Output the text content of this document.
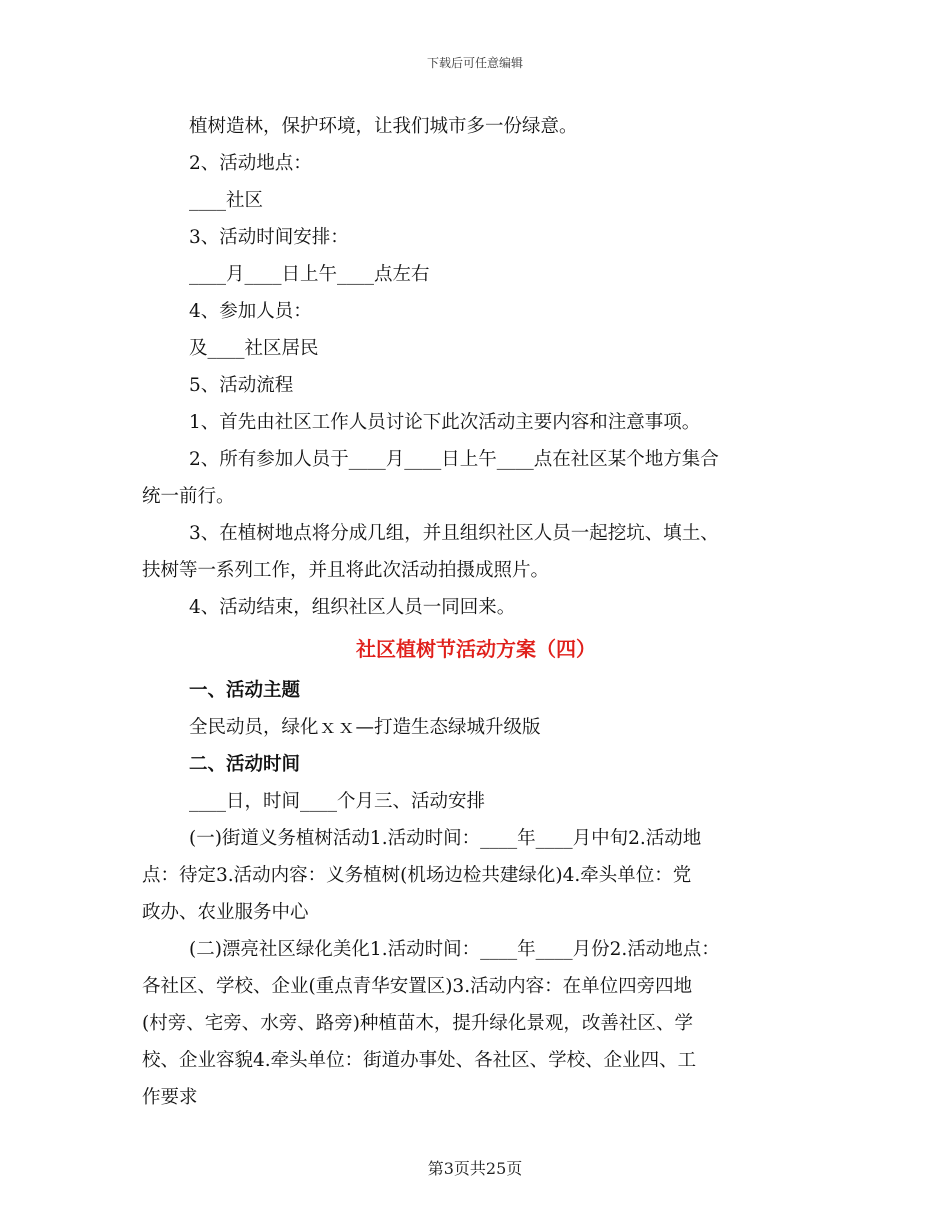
下载后可任意编辑
植树造林，保护环境，让我们城市多一份绿意。
2、活动地点：
____社区
3、活动时间安排：
____月____日上午____点左右
4、参加人员：
及____社区居民
5、活动流程
1、首先由社区工作人员讨论下此次活动主要内容和注意事项。
2、所有参加人员于____月____日上午____点在社区某个地方集合
统一前行。
3、在植树地点将分成几组，并且组织社区人员一起挖坑、填土、
扶树等一系列工作，并且将此次活动拍摄成照片。
4、活动结束，组织社区人员一同回来。
社区植树节活动方案（四）
一、活动主题
全民动员，绿化ｘｘ—打造生态绿城升级版
二、活动时间
____日，时间____个月三、活动安排
(一)街道义务植树活动1.活动时间：____年____月中旬2.活动地
点：待定3.活动内容：义务植树(机场边检共建绿化)4.牵头单位：党
政办、农业服务中心
(二)漂亮社区绿化美化1.活动时间：____年____月份2.活动地点：
各社区、学校、企业(重点青华安置区)3.活动内容：在单位四旁四地
(村旁、宅旁、水旁、路旁)种植苗木，提升绿化景观，改善社区、学
校、企业容貌4.牵头单位：街道办事处、各社区、学校、企业四、工
作要求
第3页共25页
